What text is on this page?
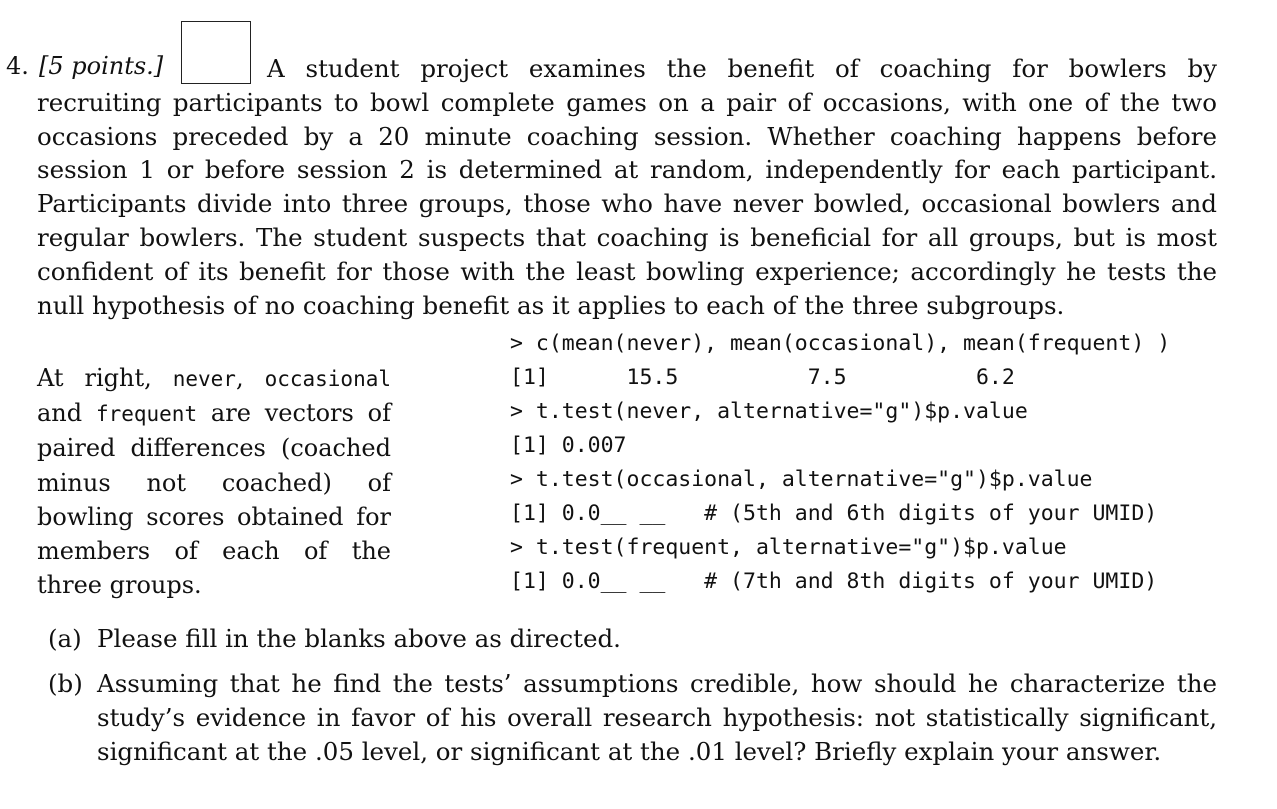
4. [5 points.]	A student project examines the benefit of coaching for bowlers by recruiting participants to bowl complete games on a pair of occasions, with one of the two occasions preceded by a 20 minute coaching session. Whether coaching happens before session 1 or before session 2 is determined at random, independently for each participant. Participants divide into three groups, those who have never bowled, occasional bowlers and regular bowlers. The student suspects that coaching is beneficial for all groups, but is most confident of its benefit for those with the least bowling experience; accordingly he tests the null hypothesis of no coaching benefit as it applies to each of the three subgroups.

At right, never, occasional and frequent are vectors of paired differences (coached minus not coached) of bowling scores obtained for members of each of the three groups.

> c(mean(never), mean(occasional), mean(frequent) )
[1]      15.5          7.5          6.2
> t.test(never, alternative="g")$p.value
[1] 0.007
> t.test(occasional, alternative="g")$p.value
[1] 0.0__ __   # (5th and 6th digits of your UMID)
> t.test(frequent, alternative="g")$p.value
[1] 0.0__ __   # (7th and 8th digits of your UMID)
(a) Please fill in the blanks above as directed.
(b) Assuming that he find the tests’ assumptions credible, how should he characterize the study’s evidence in favor of his overall research hypothesis: not statistically significant, significant at the .05 level, or significant at the .01 level? Briefly explain your answer.
